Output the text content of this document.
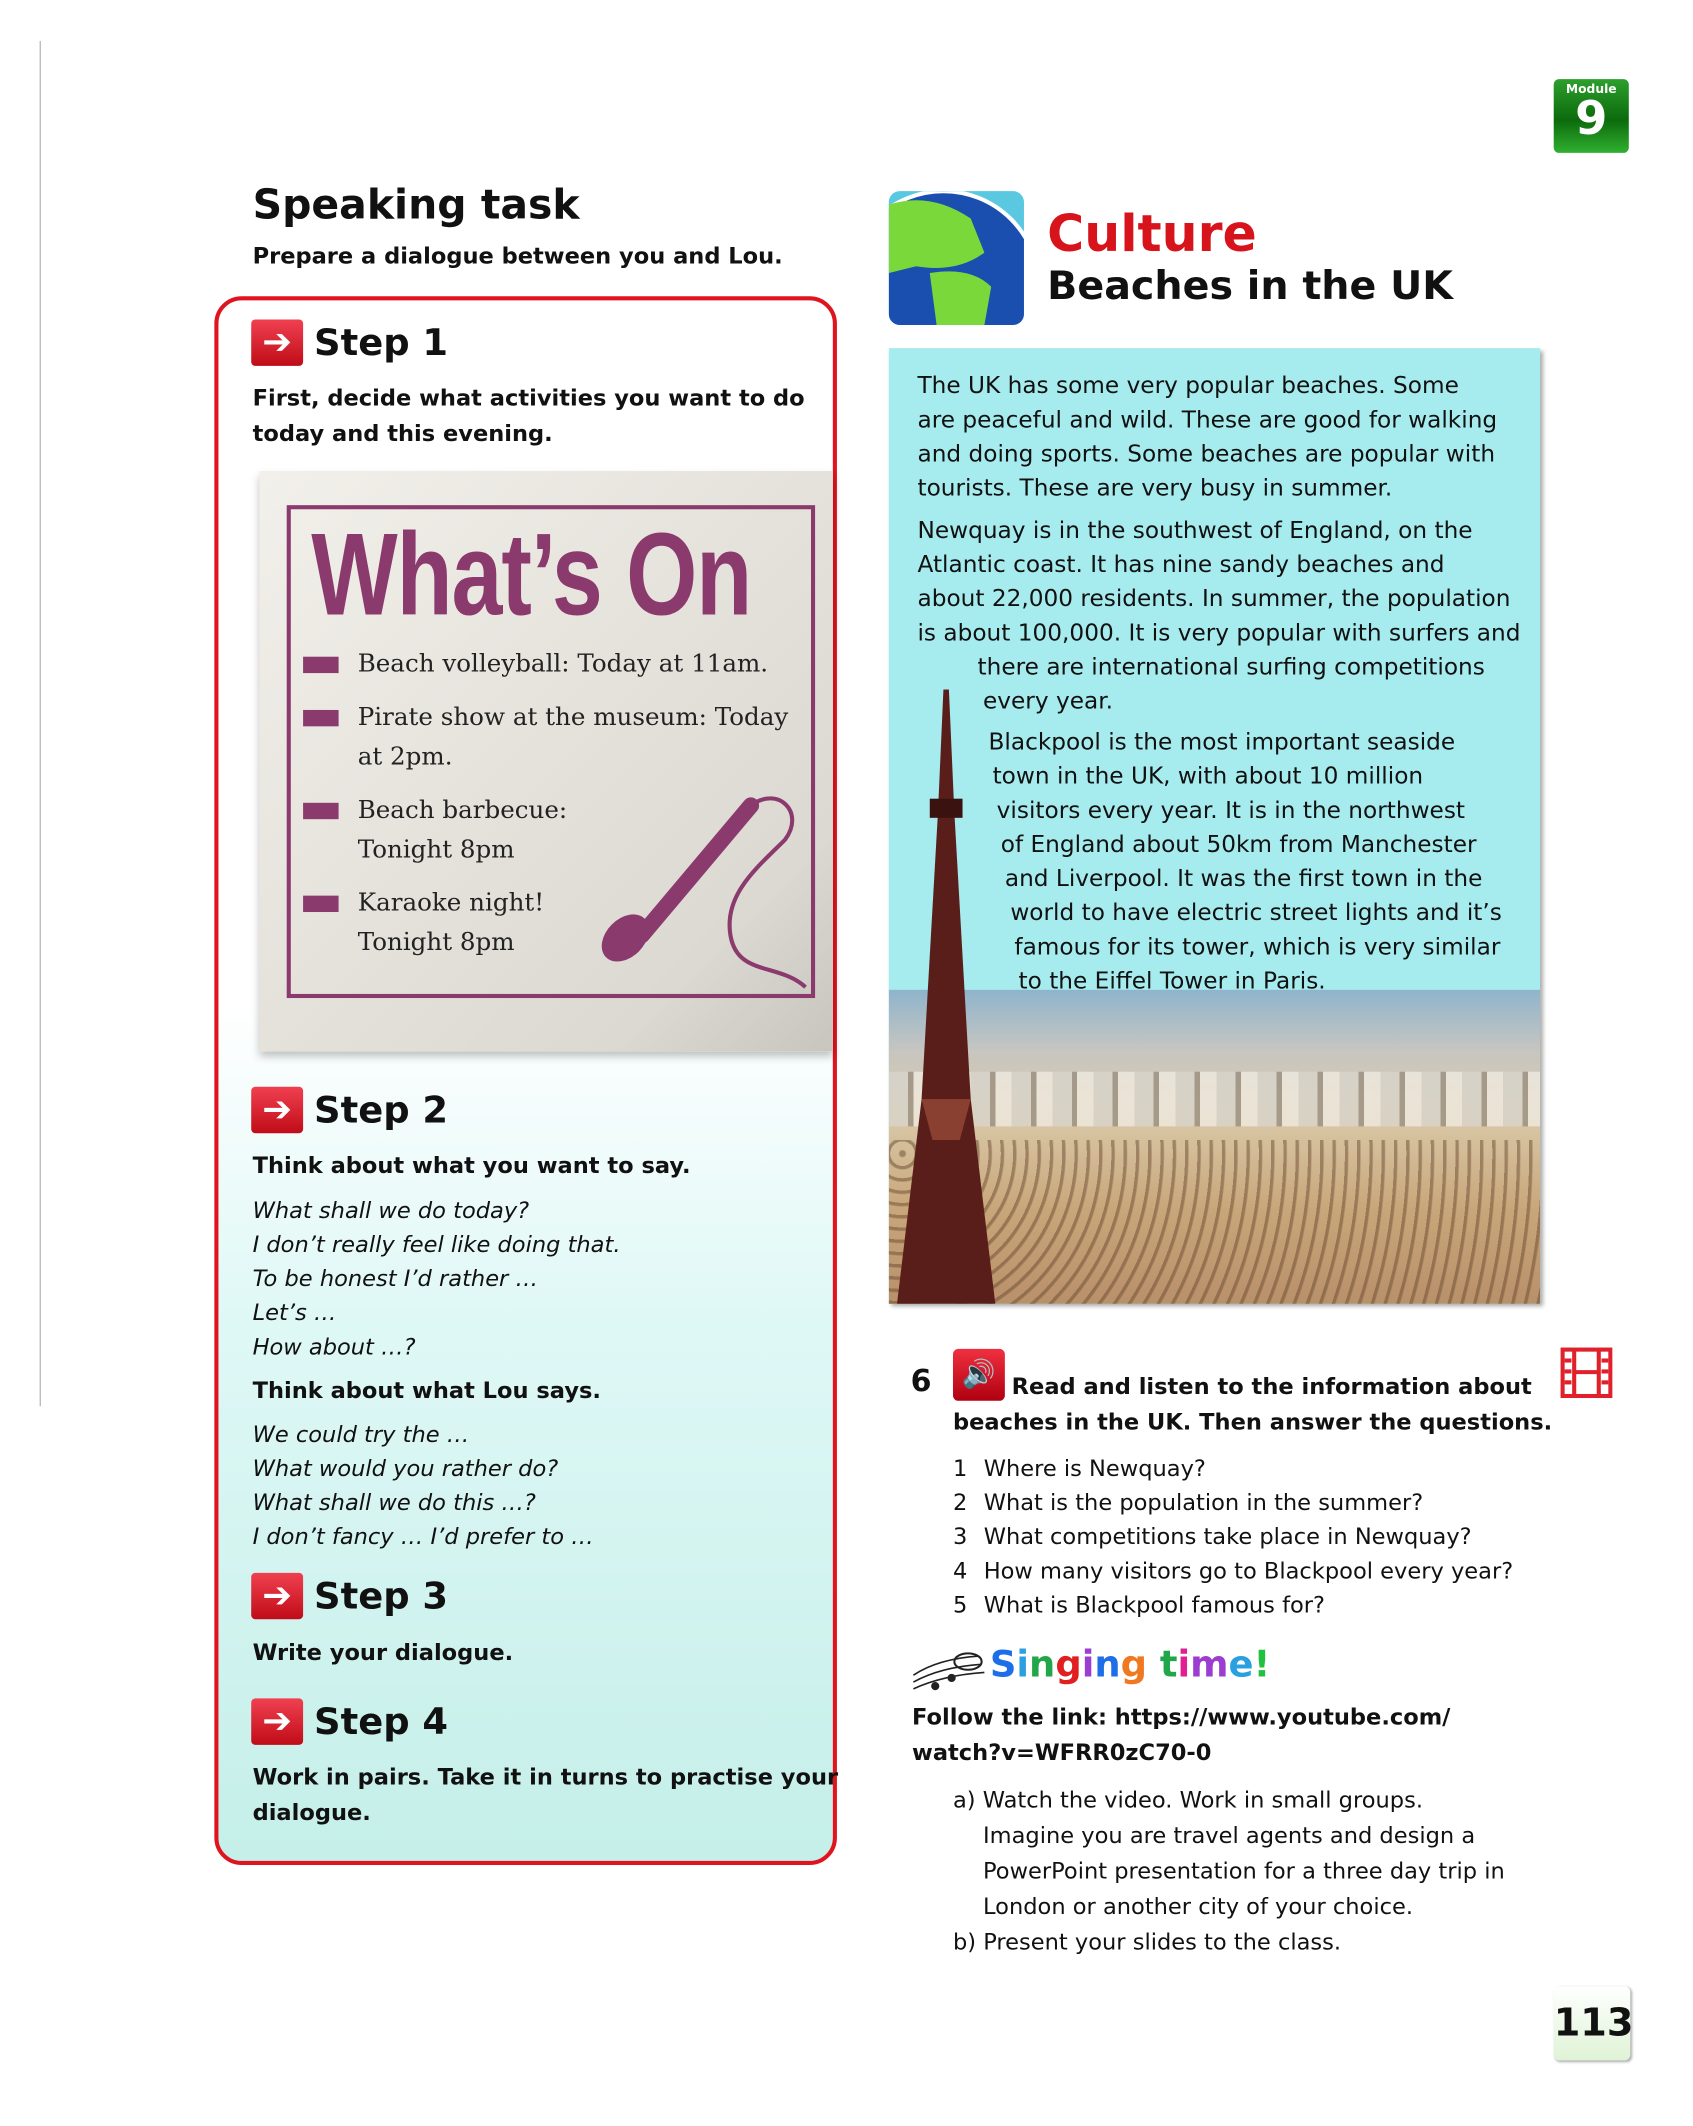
Module
9
Speaking task
Prepare a dialogue between you and Lou.
➔ Step 1
First, decide what activities you want to do
today and this evening.
What’s On
Beach volleyball: Today at 11am.
Pirate show at the museum: Today
at 2pm.
Beach barbecue:
Tonight 8pm
Karaoke night!
Tonight 8pm
➔ Step 2
Think about what you want to say.
What shall we do today?
I don’t really feel like doing that.
To be honest I’d rather …
Let’s …
How about …?
Think about what Lou says.
We could try the …
What would you rather do?
What shall we do this …?
I don’t fancy … I’d prefer to …
➔ Step 3
Write your dialogue.
➔ Step 4
Work in pairs. Take it in turns to practise your
dialogue.
Culture
Beaches in the UK
The UK has some very popular beaches. Some
are peaceful and wild. These are good for walking
and doing sports. Some beaches are popular with
tourists. These are very busy in summer.
Newquay is in the southwest of England, on the
Atlantic coast. It has nine sandy beaches and
about 22,000 residents. In summer, the population
is about 100,000. It is very popular with surfers and
there are international surfing competitions
every year.
Blackpool is the most important seaside
town in the UK, with about 10 million
visitors every year. It is in the northwest
of England about 50km from Manchester
and Liverpool. It was the first town in the
world to have electric street lights and it’s
famous for its tower, which is very similar
to the Eiffel Tower in Paris.
6	🔊 Read and listen to the information about
beaches in the UK. Then answer the questions.
1 Where is Newquay?
2 What is the population in the summer?
3 What competitions take place in Newquay?
4 How many visitors go to Blackpool every year?
5 What is Blackpool famous for?
Singing time!
Follow the link: https://www.youtube.com/
watch?v=WFRR0zC70-0
a) Watch the video. Work in small groups.
Imagine you are travel agents and design a
PowerPoint presentation for a three day trip in
London or another city of your choice.
b) Present your slides to the class.
113
